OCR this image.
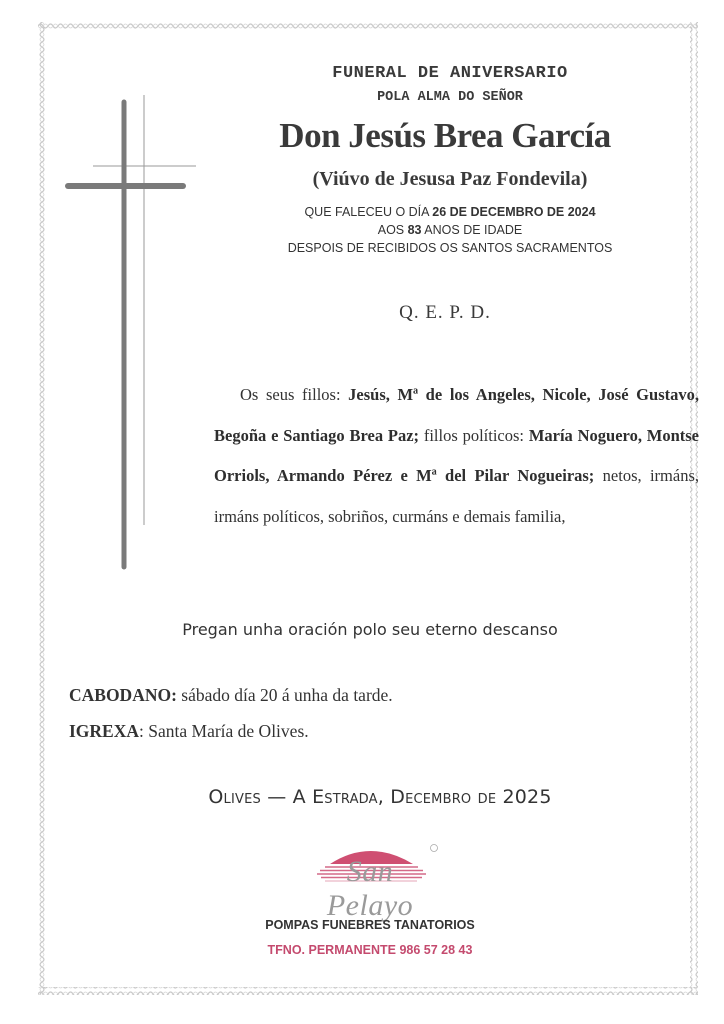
FUNERAL DE ANIVERSARIO
POLA ALMA DO SEÑOR
Don Jesús Brea García
(Viúvo de Jesusa Paz Fondevila)
QUE FALECEU O DÍA 26 DE DECEMBRO DE 2024
AOS 83 ANOS DE IDADE
DESPOIS DE RECIBIDOS OS SANTOS SACRAMENTOS
Q. E. P. D.
Os seus fillos: Jesús, Mª de los Angeles, Nicole, José Gustavo, Begoña e Santiago Brea Paz; fillos políticos: María Noguero, Montse Orriols, Armando Pérez e Mª del Pilar Nogueiras; netos, irmáns, irmáns políticos, sobriños, curmáns e demais familia,
Pregan unha oración polo seu eterno descanso
CABODANO: sábado día 20 á unha da tarde.
IGREXA: Santa María de Olives.
Olives — A Estrada, Decembro de 2025
San Pelayo
POMPAS FUNEBRES TANATORIOS
TFNO. PERMANENTE 986 57 28 43
